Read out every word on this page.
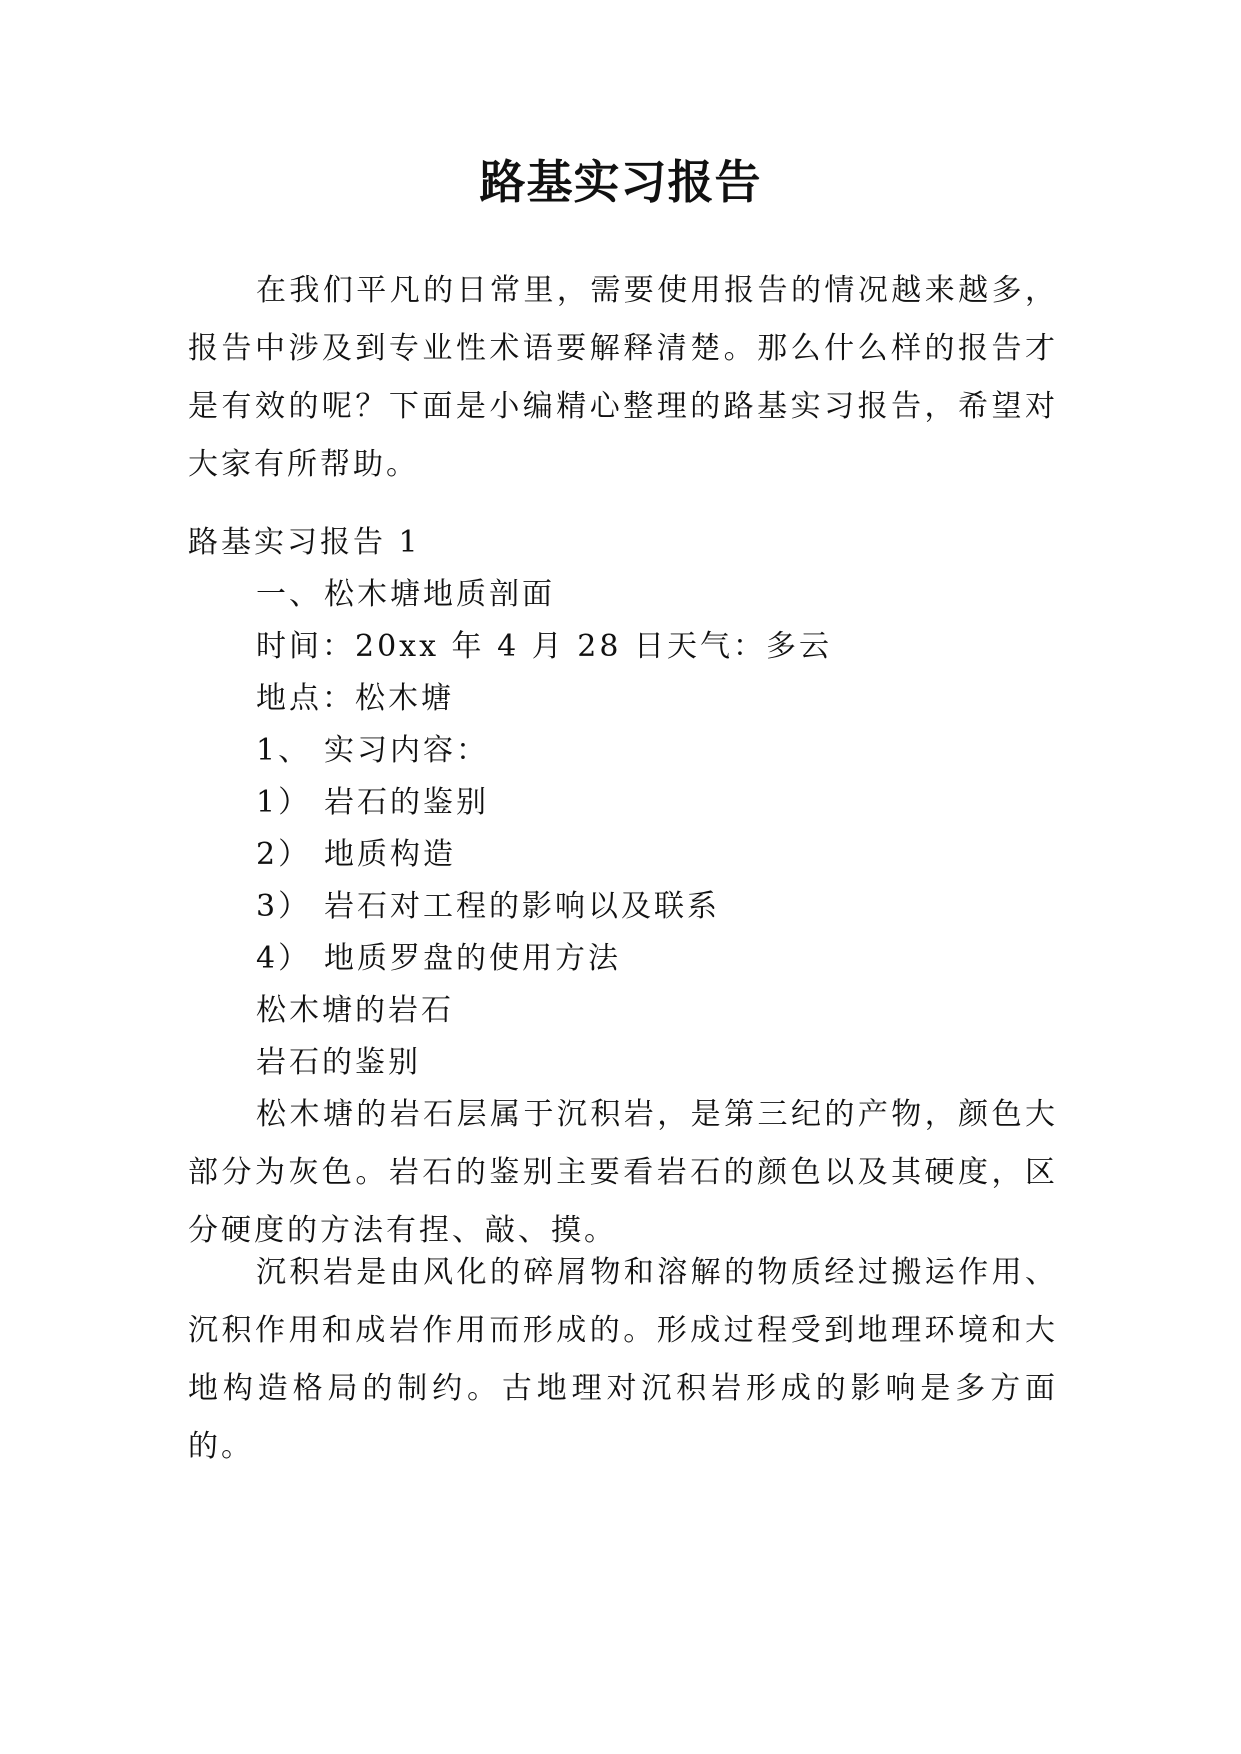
路基实习报告
在我们平凡的日常里，需要使用报告的情况越来越多，报告中涉及到专业性术语要解释清楚。那么什么样的报告才是有效的呢？下面是小编精心整理的路基实习报告，希望对大家有所帮助。
路基实习报告 1
一、松木塘地质剖面
时间：20xx 年 4 月 28 日天气：多云
地点：松木塘
1、 实习内容：
1） 岩石的鉴别
2） 地质构造
3） 岩石对工程的影响以及联系
4） 地质罗盘的使用方法
松木塘的岩石
岩石的鉴别
松木塘的岩石层属于沉积岩，是第三纪的产物，颜色大部分为灰色。岩石的鉴别主要看岩石的颜色以及其硬度，区分硬度的方法有捏、敲、摸。
沉积岩是由风化的碎屑物和溶解的物质经过搬运作用、沉积作用和成岩作用而形成的。形成过程受到地理环境和大地构造格局的制约。古地理对沉积岩形成的影响是多方面的。
